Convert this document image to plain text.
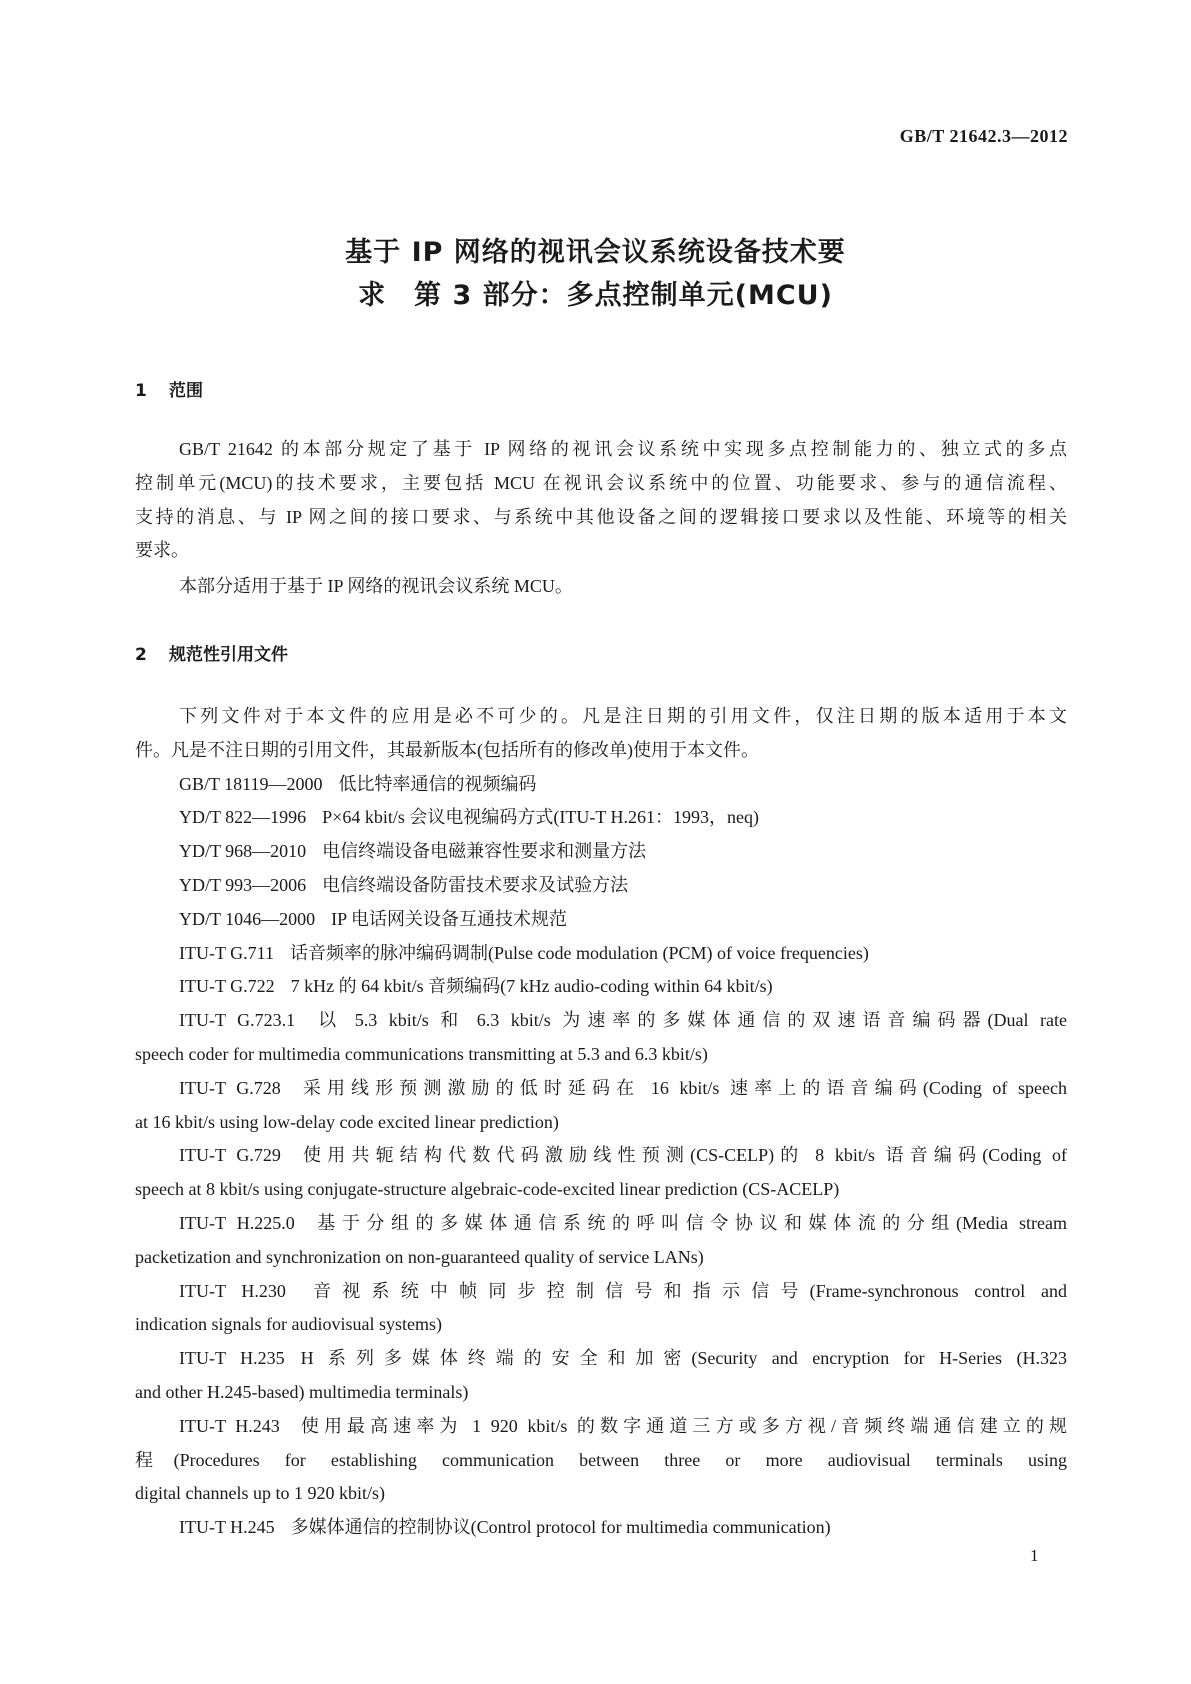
GB/T 21642.3—2012
基于 IP 网络的视讯会议系统设备技术要
求　第 3 部分：多点控制单元(MCU)
1 范围
2 规范性引用文件
GB/T 21642 的本部分规定了基于 IP 网络的视讯会议系统中实现多点控制能力的、独立式的多点
控制单元(MCU)的技术要求，主要包括 MCU 在视讯会议系统中的位置、功能要求、参与的通信流程、
支持的消息、与 IP 网之间的接口要求、与系统中其他设备之间的逻辑接口要求以及性能、环境等的相关
要求。
本部分适用于基于 IP 网络的视讯会议系统 MCU。
下列文件对于本文件的应用是必不可少的。凡是注日期的引用文件，仅注日期的版本适用于本文
件。凡是不注日期的引用文件，其最新版本(包括所有的修改单)使用于本文件。
GB/T 18119—2000 低比特率通信的视频编码
YD/T 822—1996 P×64 kbit/s 会议电视编码方式(ITU-T H.261：1993，neq)
YD/T 968—2010 电信终端设备电磁兼容性要求和测量方法
YD/T 993—2006 电信终端设备防雷技术要求及试验方法
YD/T 1046—2000 IP 电话网关设备互通技术规范
ITU-T G.711 话音频率的脉冲编码调制(Pulse code modulation (PCM) of voice frequencies)
ITU-T G.722 7 kHz 的 64 kbit/s 音频编码(7 kHz audio-coding within 64 kbit/s)
ITU-T G.723.1 以 5.3 kbit/s 和 6.3 kbit/s 为速率的多媒体通信的双速语音编码器(Dual rate
speech coder for multimedia communications transmitting at 5.3 and 6.3 kbit/s)
ITU-T G.728 采用线形预测激励的低时延码在 16 kbit/s 速率上的语音编码(Coding of speech
at 16 kbit/s using low-delay code excited linear prediction)
ITU-T G.729 使用共轭结构代数代码激励线性预测(CS-CELP)的 8 kbit/s 语音编码(Coding of
speech at 8 kbit/s using conjugate-structure algebraic-code-excited linear prediction (CS-ACELP)
ITU-T H.225.0 基于分组的多媒体通信系统的呼叫信令协议和媒体流的分组(Media stream
packetization and synchronization on non-guaranteed quality of service LANs)
ITU-T H.230 音视系统中帧同步控制信号和指示信号(Frame-synchronous control and
indication signals for audiovisual systems)
ITU-T H.235 H 系列多媒体终端的安全和加密(Security and encryption for H-Series (H.323
and other H.245-based) multimedia terminals)
ITU-T H.243 使用最高速率为 1 920 kbit/s 的数字通道三方或多方视/音频终端通信建立的规
程(Procedures for establishing communication between three or more audiovisual terminals using
digital channels up to 1 920 kbit/s)
ITU-T H.245 多媒体通信的控制协议(Control protocol for multimedia communication)
1
